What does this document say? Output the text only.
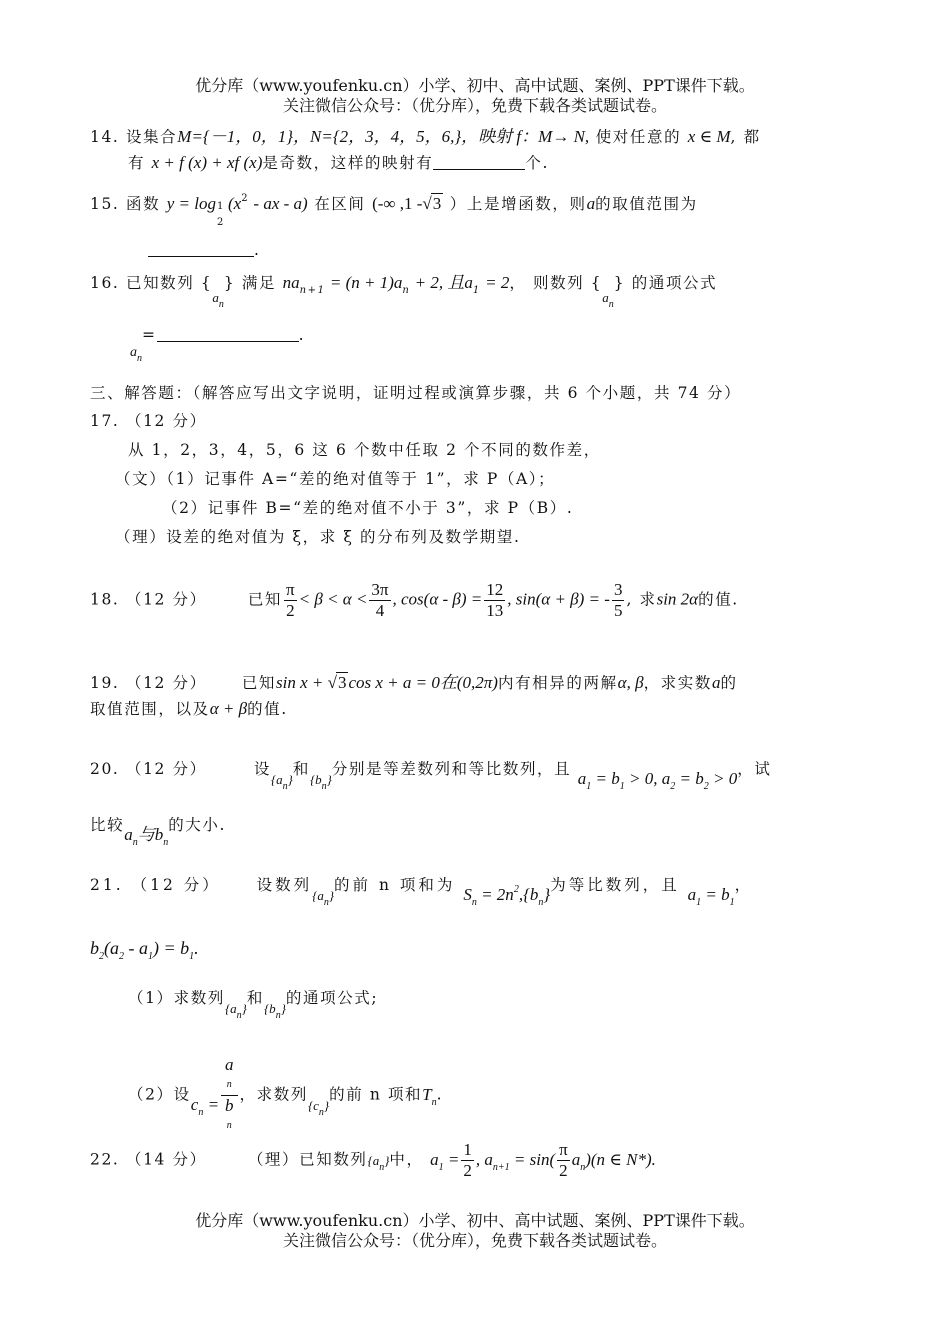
优分库（www.youfenku.cn）小学、初中、高中试题、案例、PPT课件下载。
关注微信公众号：（优分库），免费下载各类试题试卷。
14. 设集合M={－1，0，1}，N={2，3，4，5，6,}，映射 f：M→ N, 使对任意的 x ∈ M, 都
有 x + f (x) + xf (x)是奇数，这样的映射有	个.
15. 函数 y = log 1
2
($x^2$ - ax - a) 在区间 (-∞ ,1 -√3 ）上是增函数，则a的取值范围为
.
16. 已知数列 $\{_{a_n}\}$ 满足 $na_{n+1} = (n + 1)a_n + 2$, 且$a_1 = 2$， 则数列 $\{_{a_n}\}$ 的通项公式
$a_n=$	.
三、解答题：（解答应写出文字说明，证明过程或演算步骤，共 6 个小题，共 74 分）
17. （12 分）
从 1，2，3，4，5，6 这 6 个数中任取 2 个不同的数作差，
（文）（1）记事件 A=“差的绝对值等于 1”，求 P（A）；
（2）记事件 B=“差的绝对值不小于 3”，求 P（B）.
（理）设差的绝对值为 ξ，求 ξ 的分布列及数学期望.
18. （12 分）	已知 $\frac{\pi}{2} < \beta < \alpha < \frac{3\pi}{4}$ , $\cos(\alpha - \beta) = \frac{12}{13}$ , sin(α + β) = - $\frac{3}{5}$ , 求sin 2α的值.
19. （12 分） 已知sin x + √3 cos x + a = 0在(0,2π)内有相异的两解α, β，求实数a的
取值范围，以及α + β的值.
20. （12 分）	设$_{\{a_n\}}$和$_{\{b_n\}}$分别是等差数列和等比数列，且 $a_1 = b_1 > 0$, $a_2 = b_2 > 0$，试
比较$a_n$与$b_n$的大小.
21. （12 分） 设数列$_{\{a_n\}}$的前 n 项和为 $S_n = 2n^2,\{b_n\}$为等比数列，且 $a_1 = b_1$，
$b_2(a_2 - a_1) = b_1$.
（1）求数列$_{\{a_n\}}$和$_{\{b_n\}}$的通项公式;
（2）设$c_n = a$
n
b
n ，求数列$_{\{c_n\}}$的前 n 项和$T_n$.
22. （14 分）	（理）已知数列$\{a_n\}$中， $a_1 = \frac{1}{2}$ , $a_{n+1} = \sin( \frac{\pi}{2} a_n)(n$ ∈ N*).
优分库（www.youfenku.cn）小学、初中、高中试题、案例、PPT课件下载。
关注微信公众号：（优分库），免费下载各类试题试卷。
